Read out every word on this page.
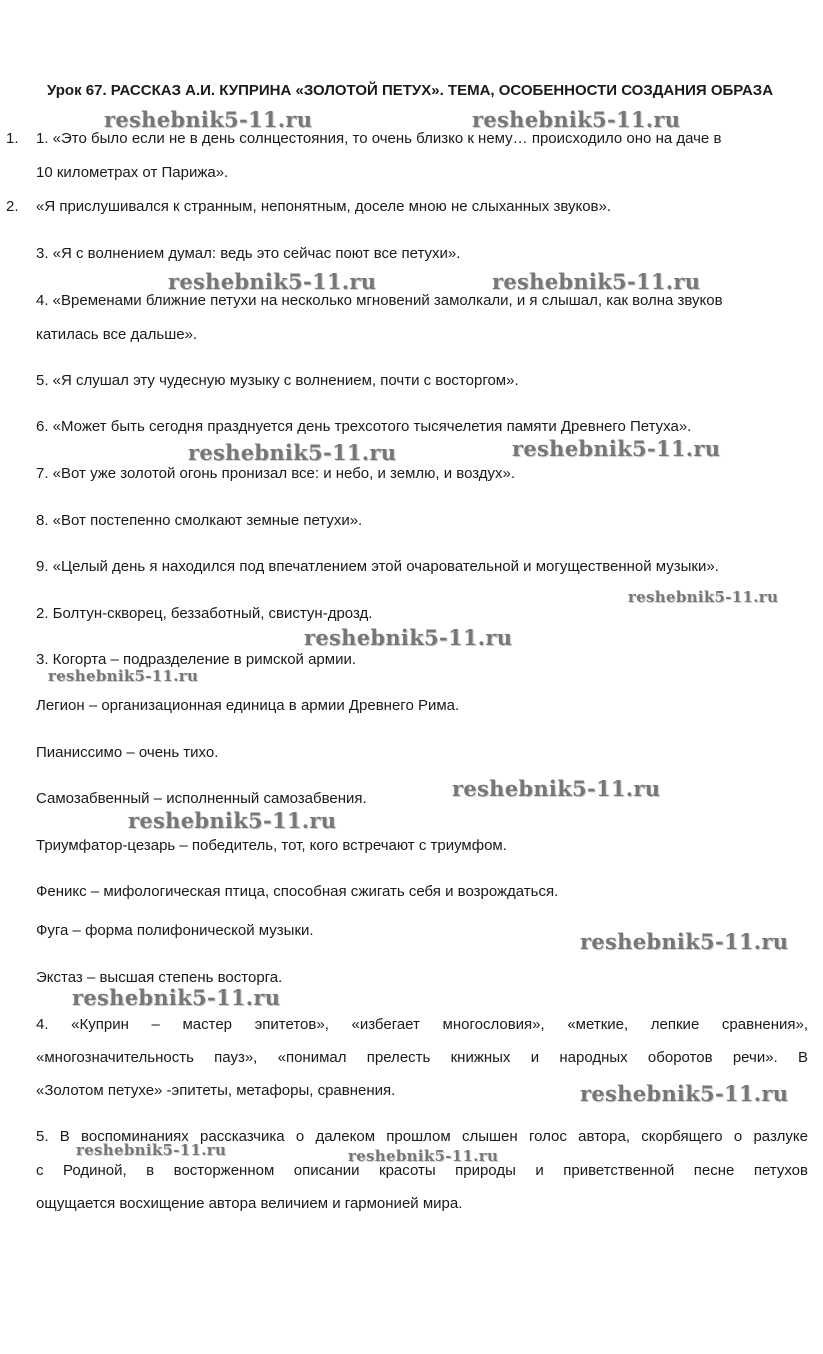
Урок 67. РАССКАЗ А.И. КУПРИНА «ЗОЛОТОЙ ПЕТУХ». ТЕМА, ОСОБЕННОСТИ СОЗДАНИЯ ОБРАЗА
1.
2.
1. «Это было если не в день солнцестояния, то очень близко к нему… происходило оно на даче в
10 километрах от Парижа».
«Я прислушивался к странным, непонятным, доселе мною не слыханных звуков».
3. «Я с волнением думал: ведь это сейчас поют все петухи».
4. «Временами ближние петухи на несколько мгновений замолкали, и я слышал, как волна звуков
катилась все дальше».
5. «Я слушал эту чудесную музыку с волнением, почти с восторгом».
6. «Может быть сегодня празднуется день трехсотого тысячелетия памяти Древнего Петуха».
7. «Вот уже золотой огонь пронизал все: и небо, и землю, и воздух».
8. «Вот постепенно смолкают земные петухи».
9. «Целый день я находился под впечатлением этой очаровательной и могущественной музыки».
2. Болтун-скворец, беззаботный, свистун-дрозд.
3. Когорта – подразделение в римской армии.
Легион – организационная единица в армии Древнего Рима.
Пианиссимо – очень тихо.
Самозабвенный – исполненный самозабвения.
Триумфатор-цезарь – победитель, тот, кого встречают с триумфом.
Феникс – мифологическая птица, способная сжигать себя и возрождаться.
Фуга – форма полифонической музыки.
Экстаз – высшая степень восторга.
4. «Куприн – мастер эпитетов», «избегает многословия», «меткие, лепкие сравнения»,
«многозначительность пауз», «понимал прелесть книжных и народных оборотов речи». В
«Золотом петухе» -эпитеты, метафоры, сравнения.
5. В воспоминаниях рассказчика о далеком прошлом слышен голос автора, скорбящего о разлуке
с Родиной, в восторженном описании красоты природы и приветственной песне петухов
ощущается восхищение автора величием и гармонией мира.
reshebnik5-11.ru	reshebnik5-11.ru
reshebnik5-11.ru	reshebnik5-11.ru
reshebnik5-11.ru	reshebnik5-11.ru
reshebnik5-11.ru
reshebnik5-11.ru
reshebnik5-11.ru
reshebnik5-11.ru
reshebnik5-11.ru
reshebnik5-11.ru
reshebnik5-11.ru
reshebnik5-11.ru
reshebnik5-11.ru	reshebnik5-11.ru
